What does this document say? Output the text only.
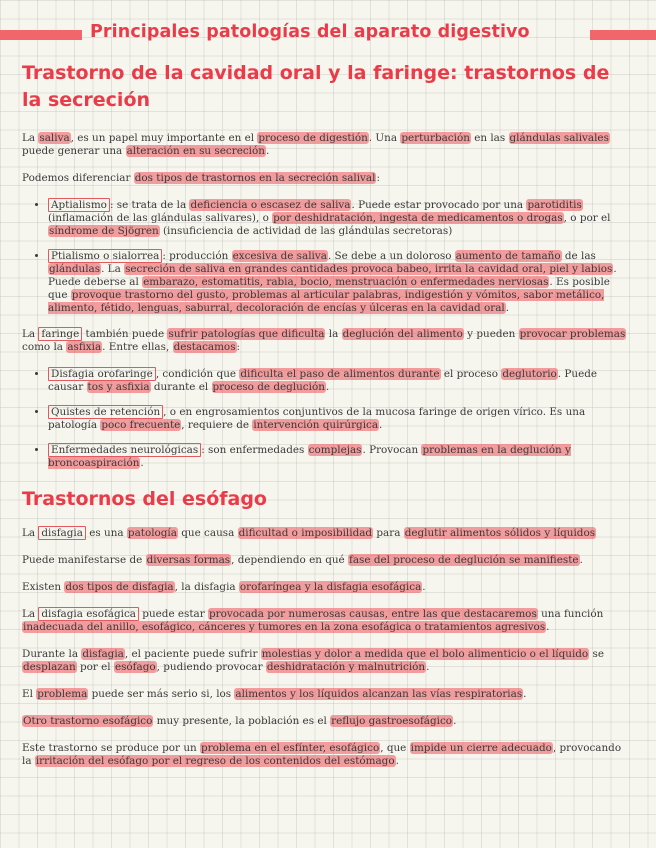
Principales patologías del aparato digestivo
Trastorno de la cavidad oral y la faringe: trastornos de la secreción

La saliva, es un papel muy importante en el proceso de digestión. Una perturbación en las glándulas salivales puede generar una alteración en su secreción.

Podemos diferenciar dos tipos de trastornos en la secreción salival:

• Aptialismo : se trata de la deficiencia o escasez de saliva. Puede estar provocado por una parotiditis (inflamación de las glándulas salivares), o por deshidratación, ingesta de medicamentos o drogas, o por el síndrome de Sjögren (insuficiencia de actividad de las glándulas secretoras)
• Ptialismo o sialorrea : producción excesiva de saliva. Se debe a un doloroso aumento de tamaño de las glándulas. La secreción de saliva en grandes cantidades provoca babeo, irrita la cavidad oral, piel y labios. Puede deberse al embarazo, estomatitis, rabia, bocio, menstruación o enfermedades nerviosas. Es posible que provoque trastorno del gusto, problemas al articular palabras, indigestión y vómitos, sabor metálico, alimento, fétido, lenguas, saburral, decoloración de encías y úlceras en la cavidad oral.

La faringe también puede sufrir patologías que dificulta la deglución del alimento y pueden provocar problemas como la asfixia. Entre ellas, destacamos:

• Disfagia orofaringe , condición que dificulta el paso de alimentos durante el proceso deglutorio. Puede causar tos y asfixia durante el proceso de deglución.
• Quistes de retención , o en engrosamientos conjuntivos de la mucosa faringe de origen vírico. Es una patología poco frecuente, requiere de intervención quirúrgica.
• Enfermedades neurológicas : son enfermedades complejas. Provocan problemas en la deglución y broncoaspiración.
Trastornos del esófago

La disfagia es una patología que causa dificultad o imposibilidad para deglutir alimentos sólidos y líquidos

Puede manifestarse de diversas formas, dependiendo en qué fase del proceso de deglución se manifieste.

Existen dos tipos de disfagia, la disfagia orofaríngea y la disfagia esofágica.

La disfagia esofágica puede estar provocada por numerosas causas, entre las que destacaremos una función inadecuada del anillo, esofágico, cánceres y tumores en la zona esofágica o tratamientos agresivos.

Durante la disfagia, el paciente puede sufrir molestias y dolor a medida que el bolo alimenticio o el líquido se desplazan por el esófago, pudiendo provocar deshidratación y malnutrición.

El problema puede ser más serio si, los alimentos y los líquidos alcanzan las vías respiratorias.

Otro trastorno esofágico muy presente, la población es el reflujo gastroesofágico.

Este trastorno se produce por un problema en el esfínter, esofágico, que impide un cierre adecuado, provocando la irritación del esófago por el regreso de los contenidos del estómago.
